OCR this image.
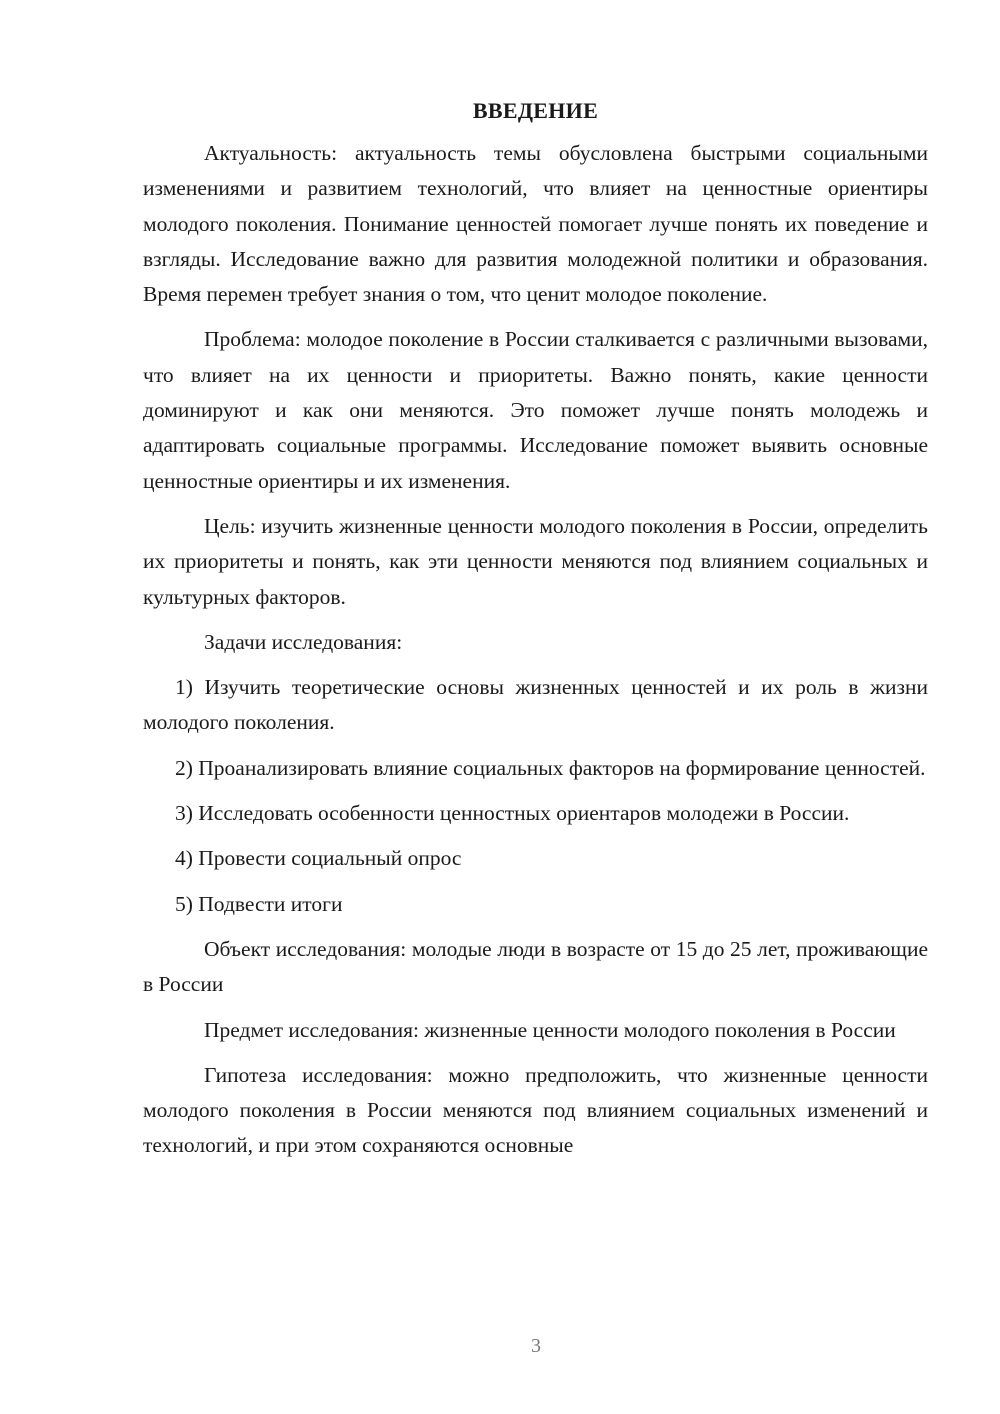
ВВЕДЕНИЕ

Актуальность: актуальность темы обусловлена быстрыми социальными изменениями и развитием технологий, что влияет на ценностные ориентиры молодого поколения. Понимание ценностей помогает лучше понять их поведение и взгляды. Исследование важно для развития молодежной политики и образования. Время перемен требует знания о том, что ценит молодое поколение.

Проблема: молодое поколение в России сталкивается с различными вызовами, что влияет на их ценности и приоритеты. Важно понять, какие ценности доминируют и как они меняются. Это поможет лучше понять молодежь и адаптировать социальные программы. Исследование поможет выявить основные ценностные ориентиры и их изменения.

Цель: изучить жизненные ценности молодого поколения в России, определить их приоритеты и понять, как эти ценности меняются под влиянием социальных и культурных факторов.

Задачи исследования:

1) Изучить теоретические основы жизненных ценностей и их роль в жизни молодого поколения.

2) Проанализировать влияние социальных факторов на формирование ценностей.

3) Исследовать особенности ценностных ориентаров молодежи в России.

4) Провести социальный опрос

5) Подвести итоги

Объект исследования: молодые люди в возрасте от 15 до 25 лет, проживающие в России

Предмет исследования: жизненные ценности молодого поколения в России

Гипотеза исследования: можно предположить, что жизненные ценности молодого поколения в России меняются под влиянием социальных изменений и технологий, и при этом сохраняются основные

3
